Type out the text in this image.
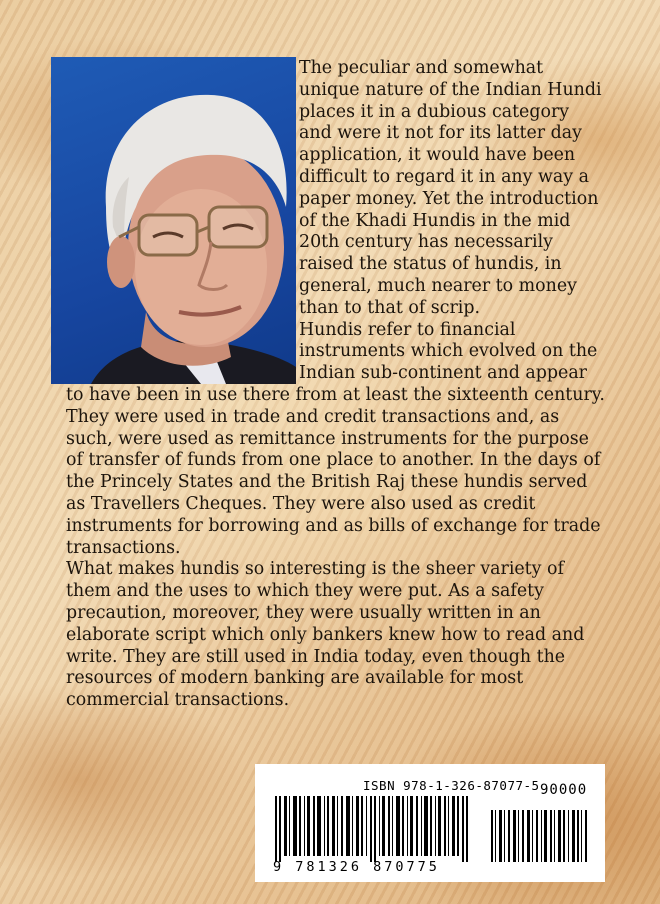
The peculiar and somewhat unique nature of the Indian Hundi places it in a dubious category and were it not for its latter day application, it would have been difficult to regard it in any way a paper money. Yet the introduction of the Khadi Hundis in the mid 20th century has necessarily raised the status of hundis, in general, much nearer to money than to that of scrip.

Hundis refer to financial instruments which evolved on the Indian sub-continent and appear to have been in use there from at least the sixteenth century. They were used in trade and credit transactions and, as such, were used as remittance instruments for the purpose of transfer of funds from one place to another. In the days of the Princely States and the British Raj these hundis served as Travellers Cheques. They were also used as credit instruments for borrowing and as bills of exchange for trade transactions.

What makes hundis so interesting is the sheer variety of them and the uses to which they were put. As a safety precaution, moreover, they were usually written in an elaborate script which only bankers knew how to read and write. They are still used in India today, even though the resources of modern banking are available for most commercial transactions.

ISBN 978-1-326-87077-5 90000
9 781326 870775
